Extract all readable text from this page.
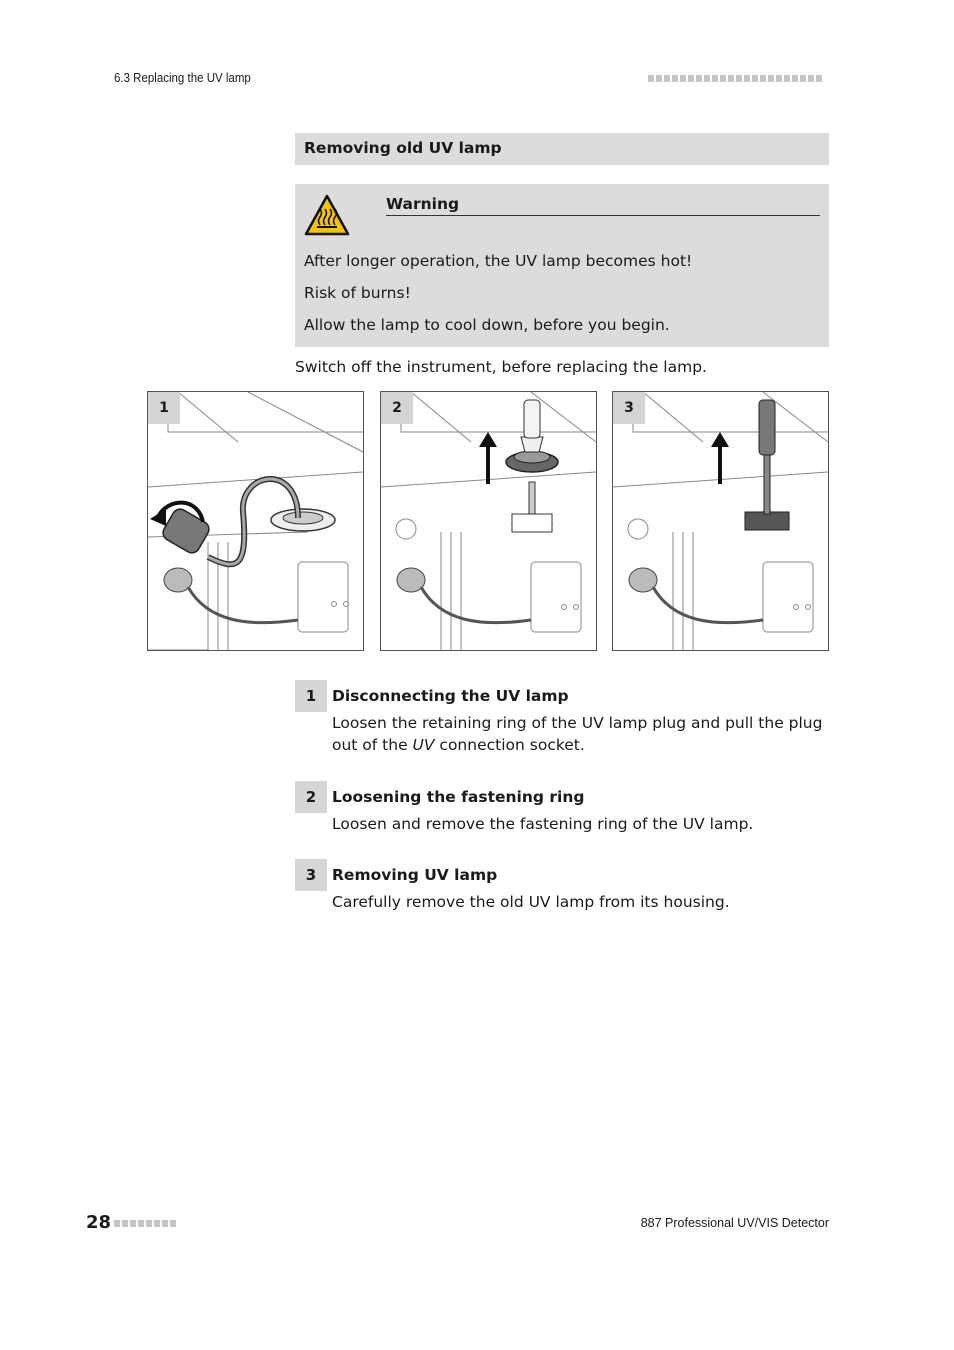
6.3 Replacing the UV lamp
Removing old UV lamp
Warning
After longer operation, the UV lamp becomes hot!
Risk of burns!
Allow the lamp to cool down, before you begin.
Switch off the instrument, before replacing the lamp.
1	2	3
1	Disconnecting the UV lamp
Loosen the retaining ring of the UV lamp plug and pull the plug out of the UV connection socket.
2	Loosening the fastening ring
Loosen and remove the fastening ring of the UV lamp.
3	Removing UV lamp
Carefully remove the old UV lamp from its housing.
28	887 Professional UV/VIS Detector
